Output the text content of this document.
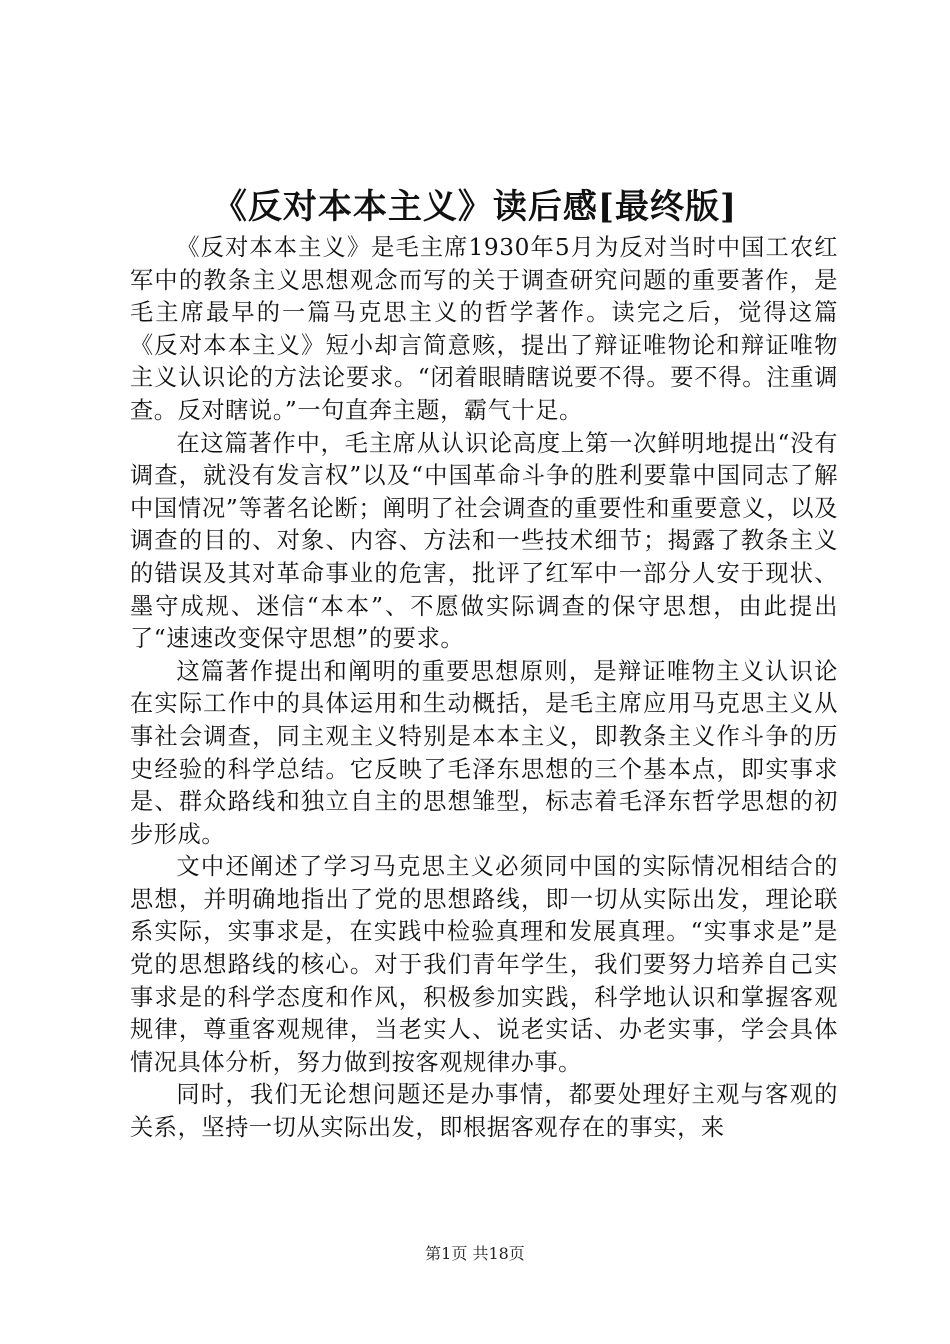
《反对本本主义》读后感[最终版]

《反对本本主义》是毛主席1930年5月为反对当时中国工农红军中的教条主义思想观念而写的关于调查研究问题的重要著作，是毛主席最早的一篇马克思主义的哲学著作。读完之后，觉得这篇《反对本本主义》短小却言简意赅，提出了辩证唯物论和辩证唯物主义认识论的方法论要求。“闭着眼睛瞎说要不得。要不得。注重调查。反对瞎说。”一句直奔主题，霸气十足。

在这篇著作中，毛主席从认识论高度上第一次鲜明地提出“没有调查，就没有发言权”以及“中国革命斗争的胜利要靠中国同志了解中国情况”等著名论断；阐明了社会调查的重要性和重要意义，以及调查的目的、对象、内容、方法和一些技术细节；揭露了教条主义的错误及其对革命事业的危害，批评了红军中一部分人安于现状、墨守成规、迷信“本本”、不愿做实际调查的保守思想，由此提出了“速速改变保守思想”的要求。

这篇著作提出和阐明的重要思想原则，是辩证唯物主义认识论在实际工作中的具体运用和生动概括，是毛主席应用马克思主义从事社会调查，同主观主义特别是本本主义，即教条主义作斗争的历史经验的科学总结。它反映了毛泽东思想的三个基本点，即实事求是、群众路线和独立自主的思想雏型，标志着毛泽东哲学思想的初步形成。

文中还阐述了学习马克思主义必须同中国的实际情况相结合的思想，并明确地指出了党的思想路线，即一切从实际出发，理论联系实际，实事求是，在实践中检验真理和发展真理。“实事求是”是党的思想路线的核心。对于我们青年学生，我们要努力培养自己实事求是的科学态度和作风，积极参加实践，科学地认识和掌握客观规律，尊重客观规律，当老实人、说老实话、办老实事，学会具体情况具体分析，努力做到按客观规律办事。

同时，我们无论想问题还是办事情，都要处理好主观与客观的关系，坚持一切从实际出发，即根据客观存在的事实，来

第1页 共18页
